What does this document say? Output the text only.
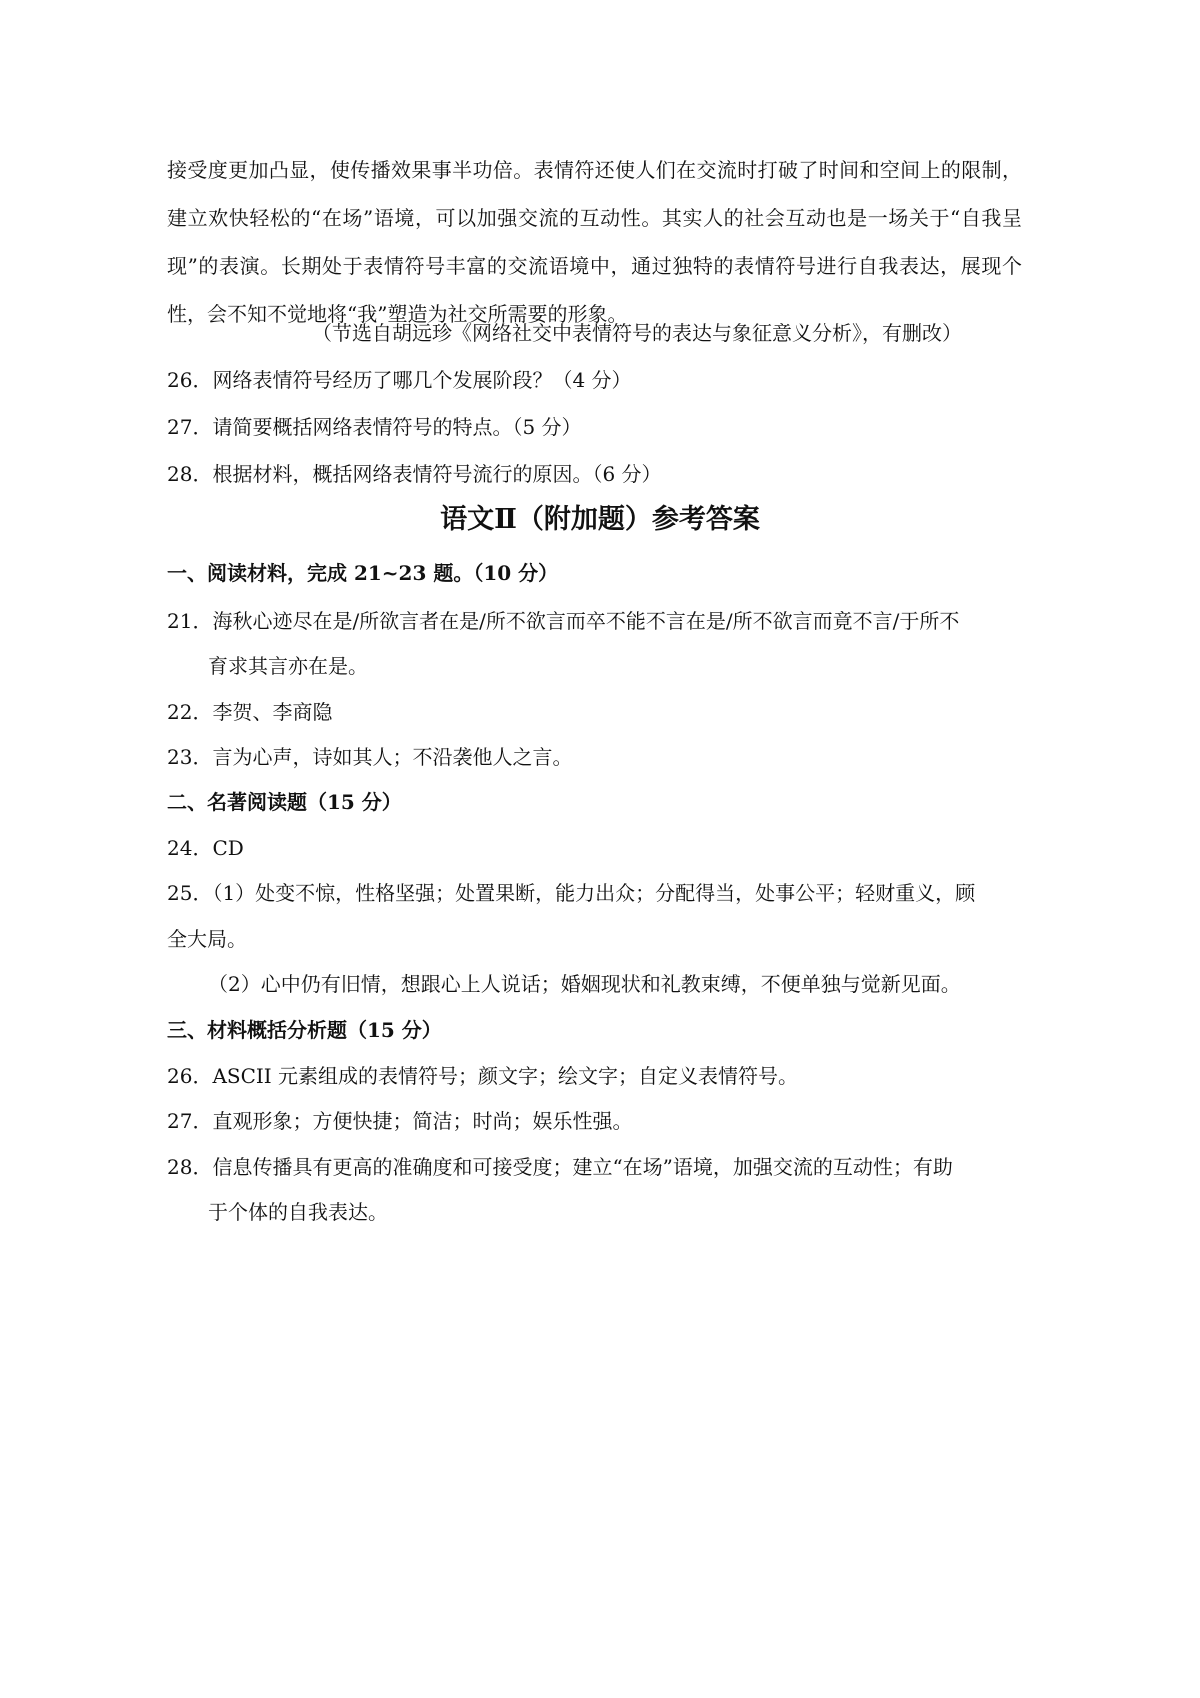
接受度更加凸显，使传播效果事半功倍。表情符还使人们在交流时打破了时间和空间上的限制，建立欢快轻松的“在场”语境，可以加强交流的互动性。其实人的社会互动也是一场关于“自我呈现”的表演。长期处于表情符号丰富的交流语境中，通过独特的表情符号进行自我表达，展现个性，会不知不觉地将“我”塑造为社交所需要的形象。
（节选自胡远珍《网络社交中表情符号的表达与象征意义分析》，有删改）
26．网络表情符号经历了哪几个发展阶段？（4 分）
27．请简要概括网络表情符号的特点。（5 分）
28．根据材料，概括网络表情符号流行的原因。（6 分）
语文Ⅱ（附加题）参考答案
一、阅读材料，完成 21~23 题。（10 分）
21．海秋心迹尽在是/所欲言者在是/所不欲言而卒不能不言在是/所不欲言而竟不言/于所不
育求其言亦在是。
22．李贺、李商隐
23．言为心声，诗如其人；不沿袭他人之言。
二、名著阅读题（15 分）
24．CD
25．（1）处变不惊，性格坚强；处置果断，能力出众；分配得当，处事公平；轻财重义，顾
全大局。
（2）心中仍有旧情，想跟心上人说话；婚姻现状和礼教束缚，不便单独与觉新见面。
三、材料概括分析题（15 分）
26．ASCII 元素组成的表情符号；颜文字；绘文字；自定义表情符号。
27．直观形象；方便快捷；简洁；时尚；娱乐性强。
28．信息传播具有更高的准确度和可接受度；建立“在场”语境，加强交流的互动性；有助
于个体的自我表达。
